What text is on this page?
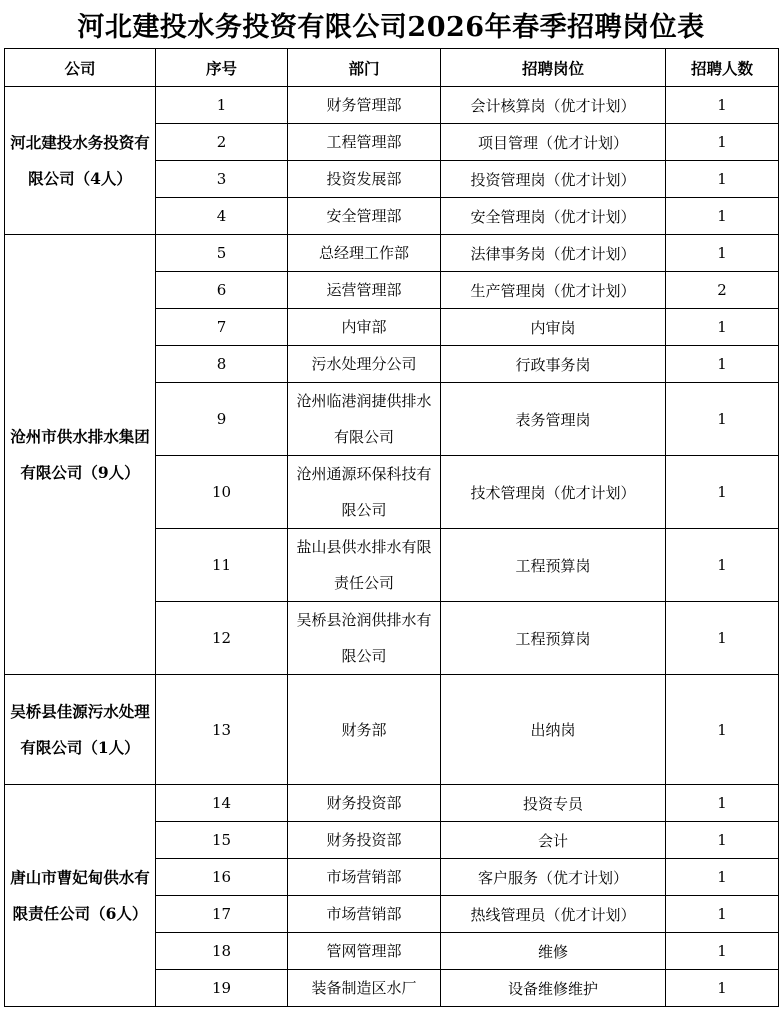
河北建投水务投资有限公司2026年春季招聘岗位表
公司	序号	部门	招聘岗位	招聘人数
河北建投水务投资有限公司（4人）	1	财务管理部	会计核算岗（优才计划）	1
	2	工程管理部	项目管理（优才计划）	1
	3	投资发展部	投资管理岗（优才计划）	1
	4	安全管理部	安全管理岗（优才计划）	1
沧州市供水排水集团有限公司（9人）	5	总经理工作部	法律事务岗（优才计划）	1
	6	运营管理部	生产管理岗（优才计划）	2
	7	内审部	内审岗	1
	8	污水处理分公司	行政事务岗	1
	9	沧州临港润捷供排水有限公司	表务管理岗	1
	10	沧州通源环保科技有限公司	技术管理岗（优才计划）	1
	11	盐山县供水排水有限责任公司	工程预算岗	1
	12	吴桥县沧润供排水有限公司	工程预算岗	1
吴桥县佳源污水处理有限公司（1人）	13	财务部	出纳岗	1
唐山市曹妃甸供水有限责任公司（6人）	14	财务投资部	投资专员	1
	15	财务投资部	会计	1
	16	市场营销部	客户服务（优才计划）	1
	17	市场营销部	热线管理员（优才计划）	1
	18	管网管理部	维修	1
	19	装备制造区水厂	设备维修维护	1
